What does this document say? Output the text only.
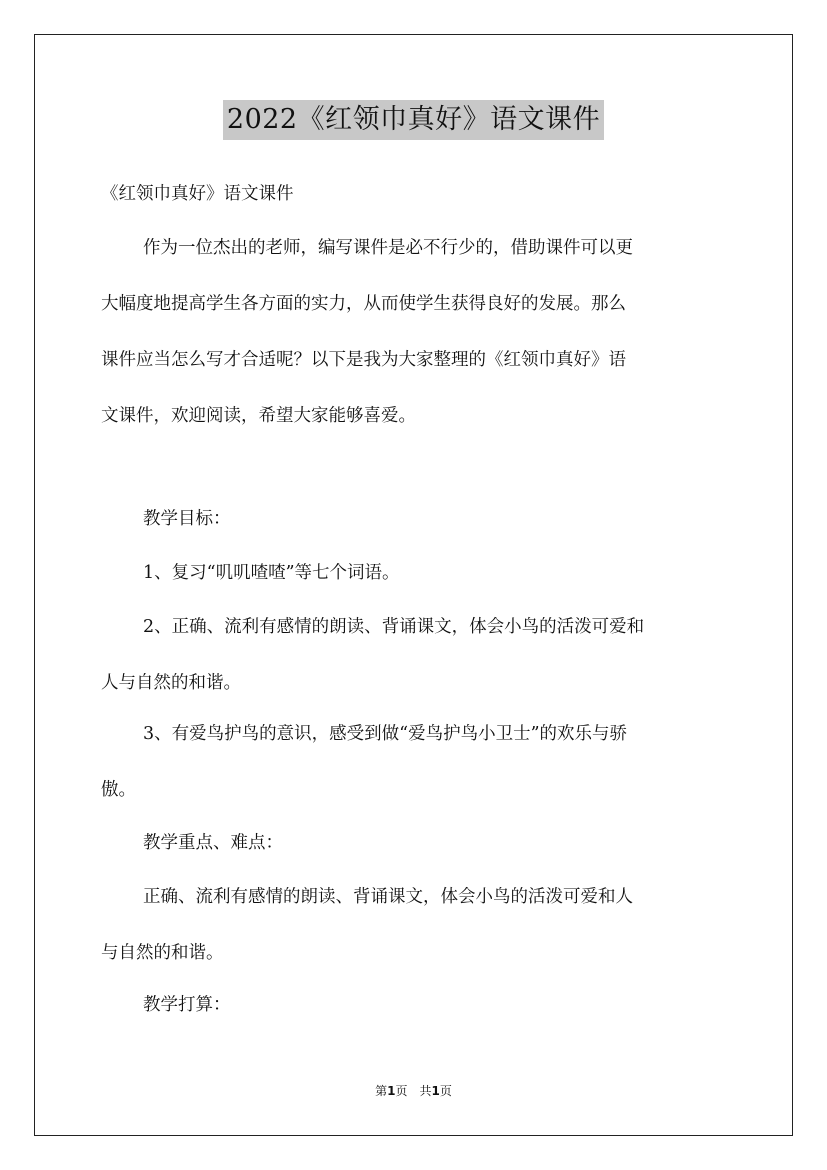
2022《红领巾真好》语文课件

《红领巾真好》语文课件

作为一位杰出的老师，编写课件是必不行少的，借助课件可以更
大幅度地提高学生各方面的实力，从而使学生获得良好的发展。那么
课件应当怎么写才合适呢？以下是我为大家整理的《红领巾真好》语
文课件，欢迎阅读，希望大家能够喜爱。

教学目标：

1、复习“叽叽喳喳”等七个词语。

2、正确、流利有感情的朗读、背诵课文，体会小鸟的活泼可爱和
人与自然的和谐。

3、有爱鸟护鸟的意识，感受到做“爱鸟护鸟小卫士”的欢乐与骄
傲。

教学重点、难点：

正确、流利有感情的朗读、背诵课文，体会小鸟的活泼可爱和人
与自然的和谐。

教学打算：

第1页　共1页
